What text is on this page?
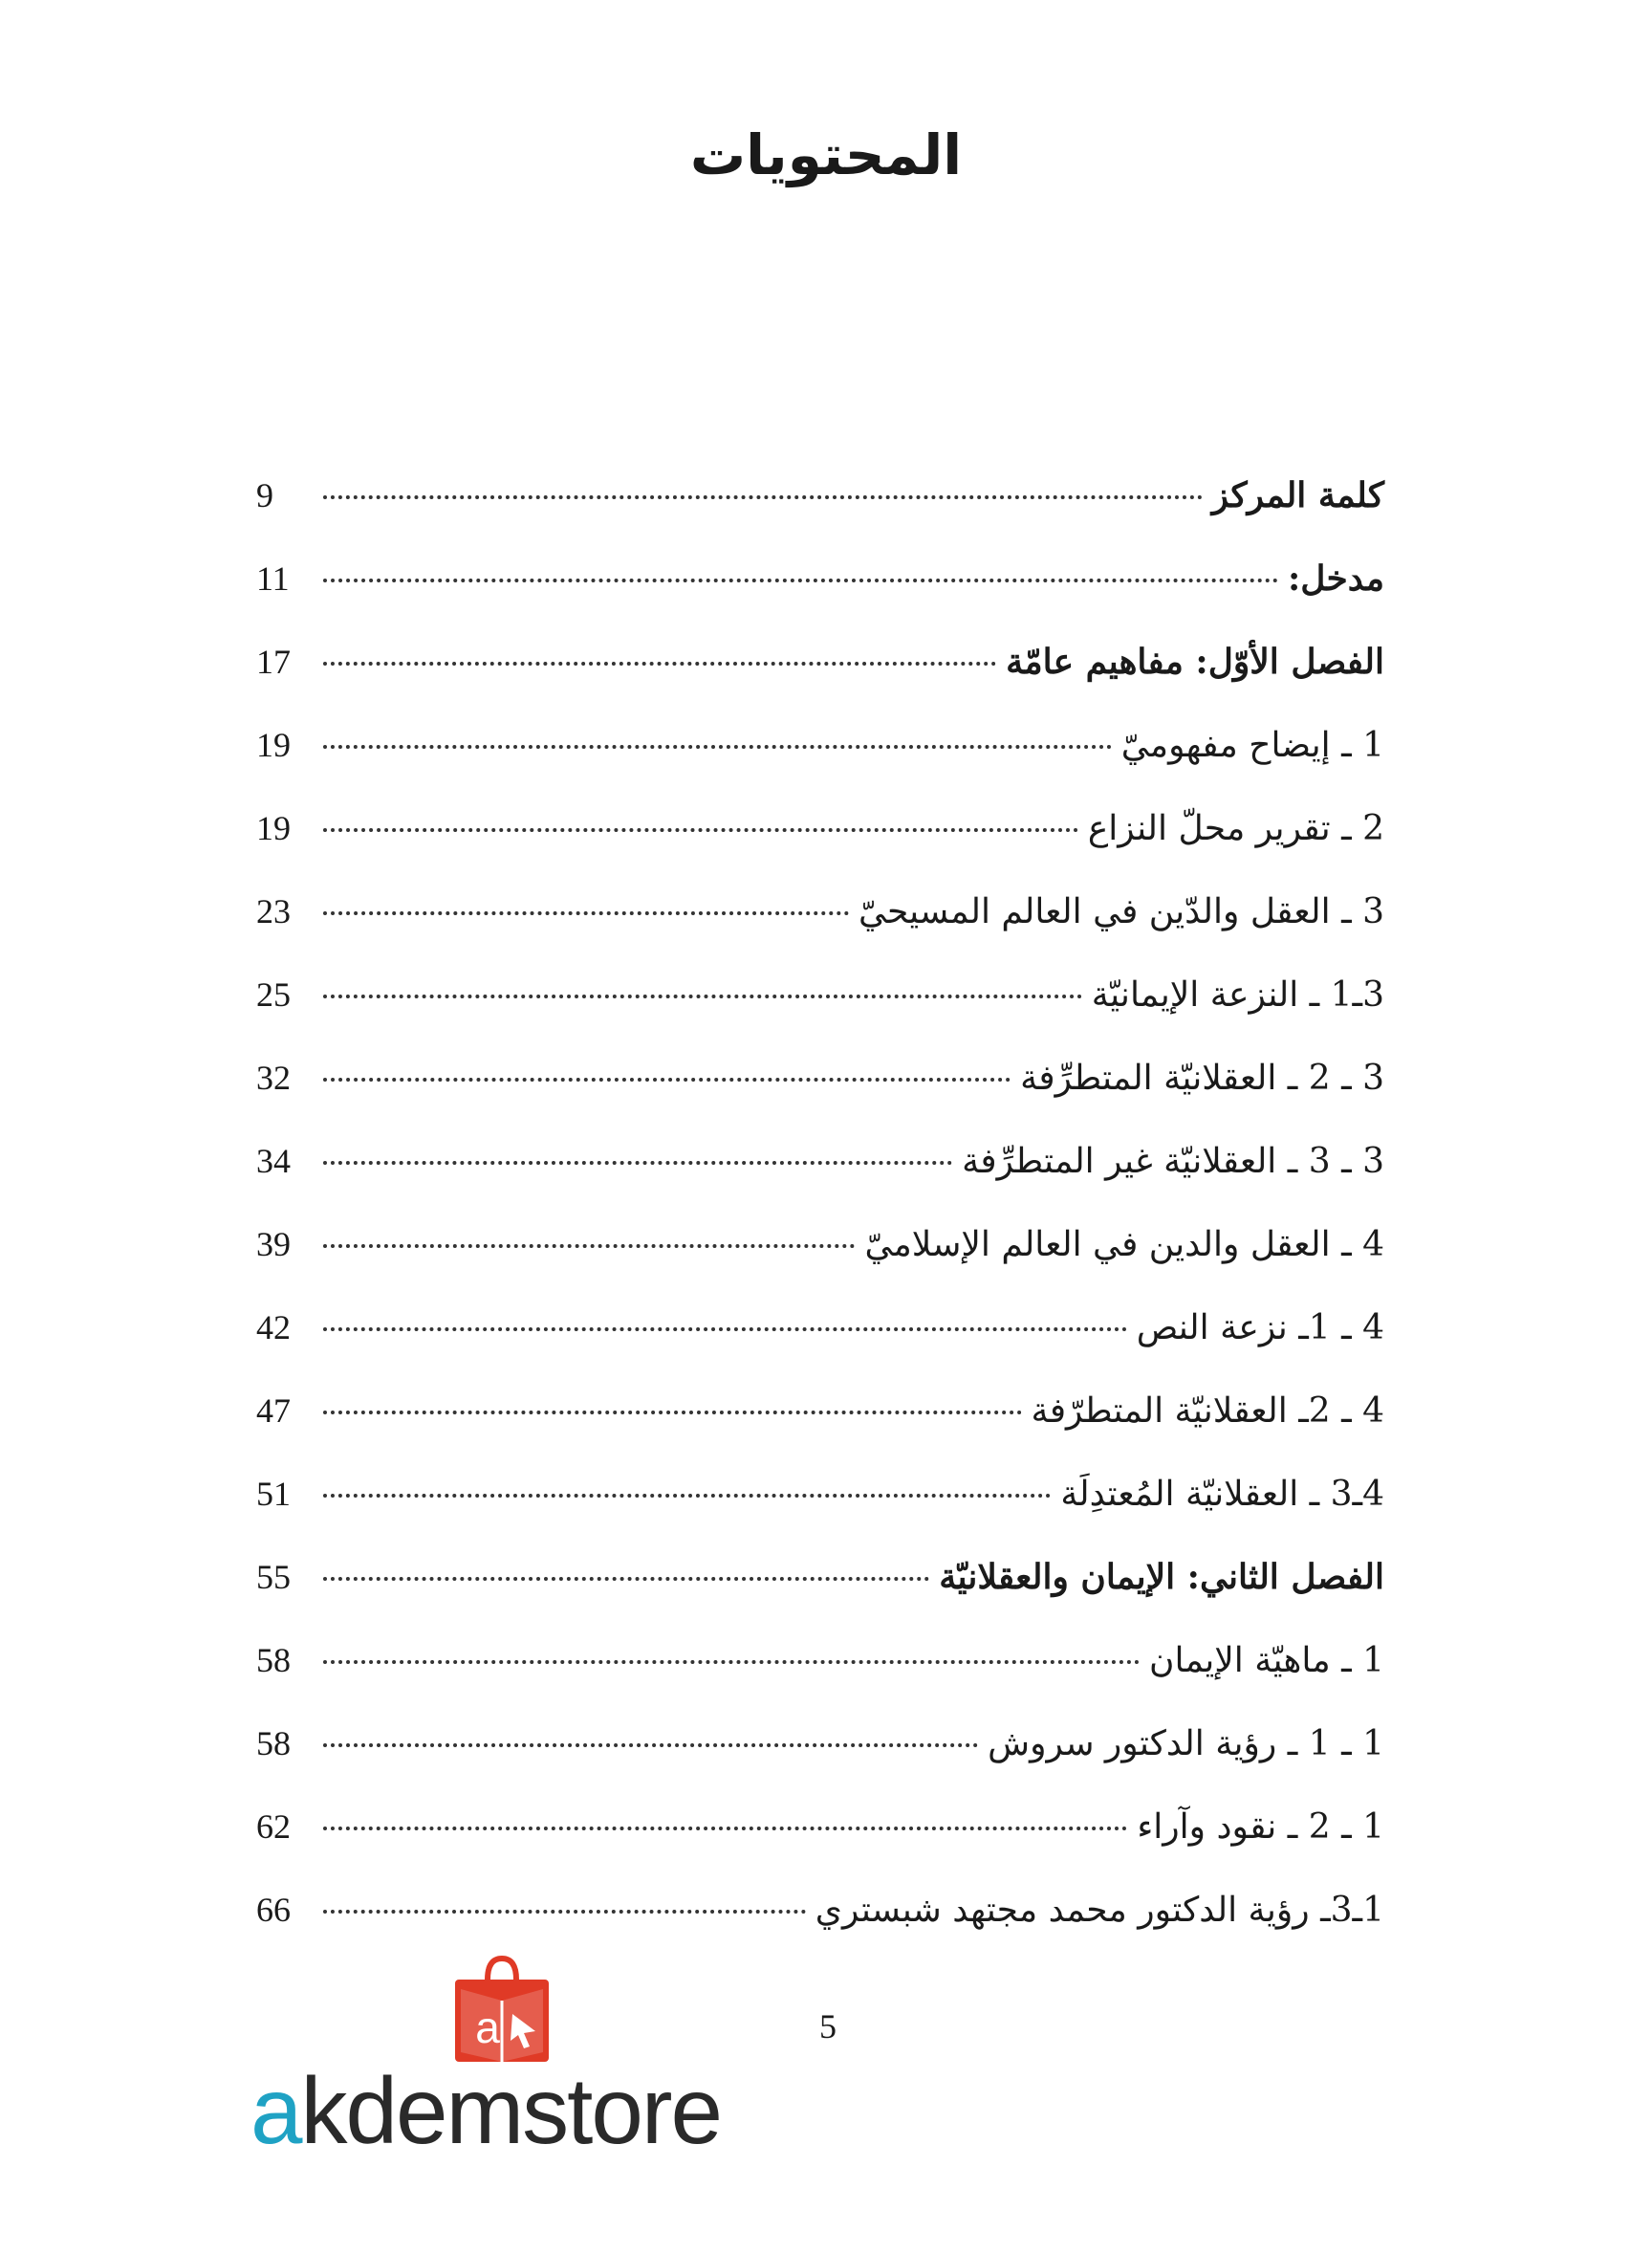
المحتويات
كلمة المركز
9
مدخل:
11
الفصل الأوّل: مفاهيم عامّة
17
1 ـ إيضاح مفهوميّ
19
2 ـ تقرير محلّ النزاع
19
3 ـ العقل والدّين في العالم المسيحيّ
23
3ـ1 ـ النزعة الإيمانيّة
25
3 ـ 2 ـ العقلانيّة المتطرِّفة
32
3 ـ 3 ـ العقلانيّة غير المتطرِّفة
34
4 ـ العقل والدين في العالم الإسلاميّ
39
4 ـ 1ـ نزعة النص
42
4 ـ 2ـ العقلانيّة المتطرّفة
47
4ـ3 ـ العقلانيّة المُعتدِلَة
51
الفصل الثاني: الإيمان والعقلانيّة
55
1 ـ ماهيّة الإيمان
58
1 ـ 1 ـ رؤية الدكتور سروش
58
1 ـ 2 ـ نقود وآراء
62
1ـ3ـ رؤية الدكتور محمد مجتهد شبستري
66
5
a
akdemstore
